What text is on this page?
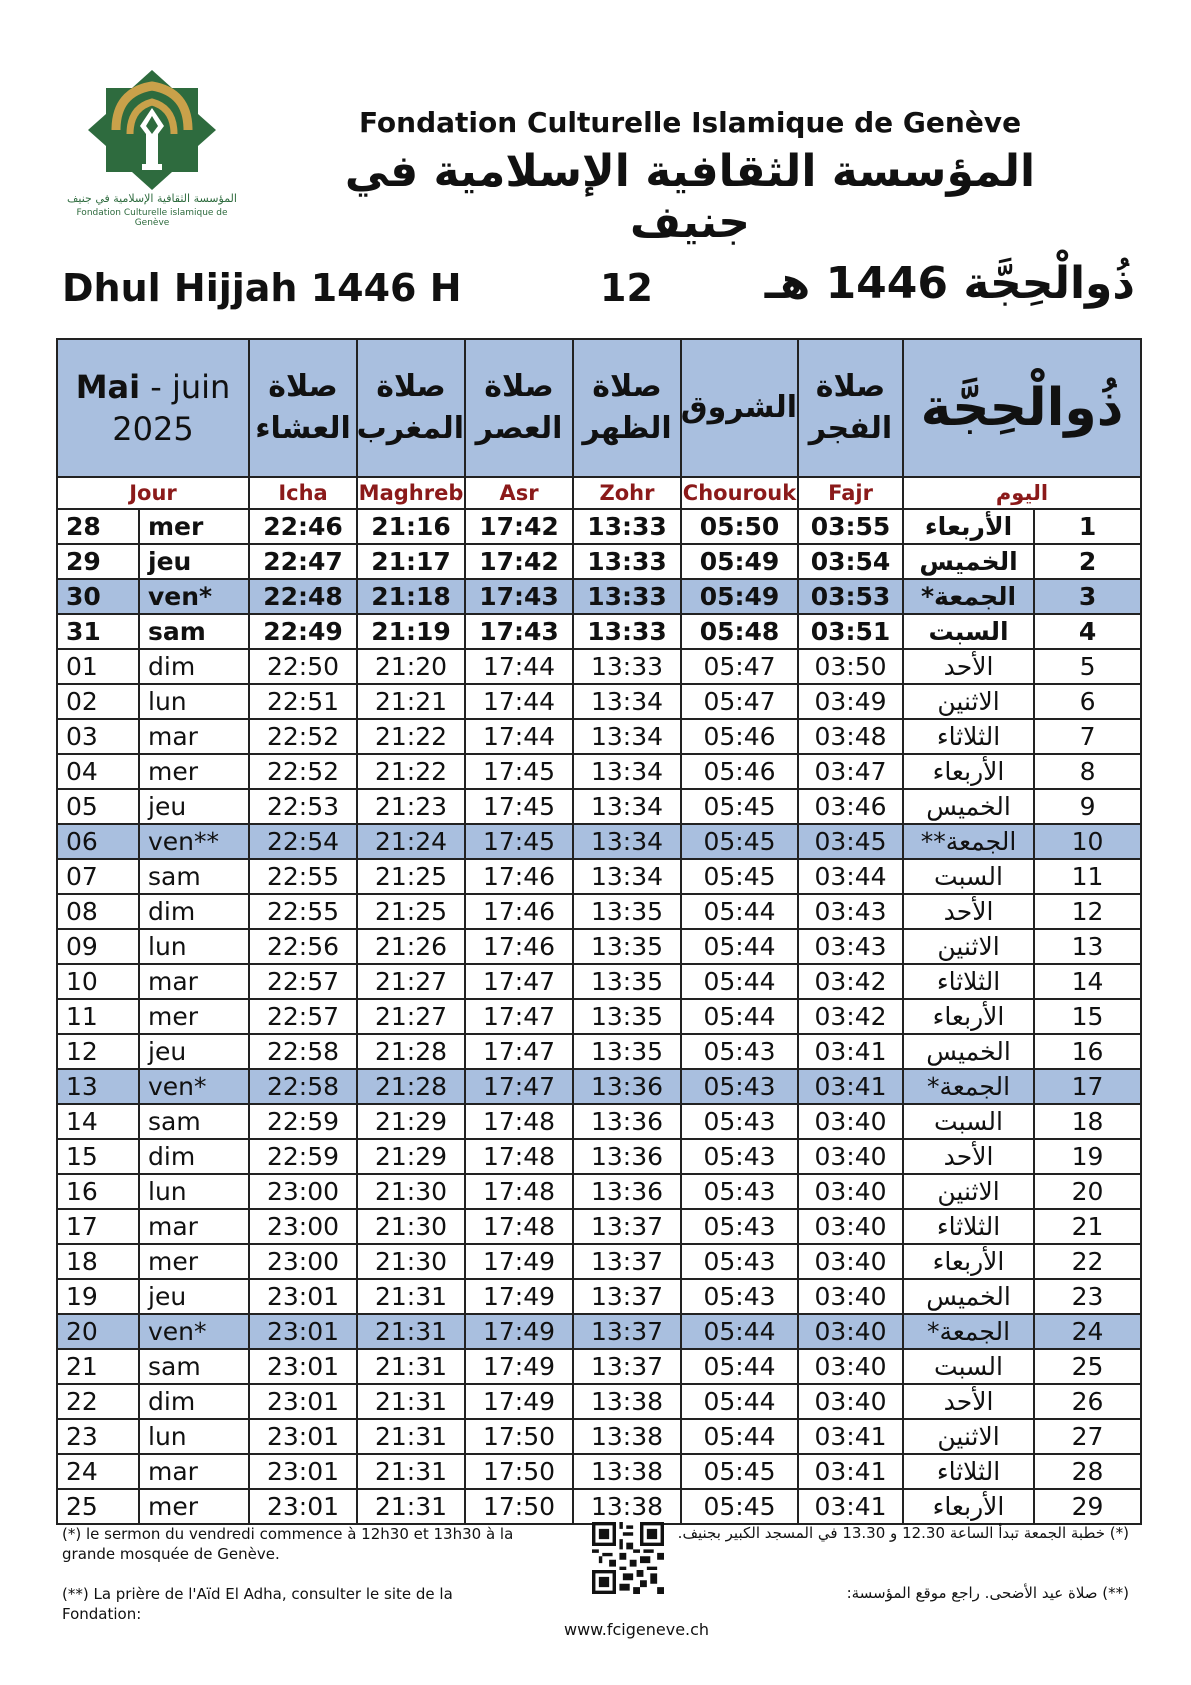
المؤسسة الثقافية الإسلامية في جنيف
Fondation Culturelle islamique de Genève
Fondation Culturelle Islamique de Genève
المؤسسة الثقافية الإسلامية في جنيف
Dhul Hijjah 1446 H	12	ذُوالْحِجَّة 1446 هـ
Mai - juin
2025		صلاة العشاء	صلاة المغرب	صلاة العصر	صلاة الظهر	الشروق	صلاة الفجر	ذُوالْحِجَّة	
Jour		Icha	Maghreb	Asr	Zohr	Chourouk	Fajr	اليوم	
28	mer	22:46	21:16	17:42	13:33	05:50	03:55	الأربعاء	1
29	jeu	22:47	21:17	17:42	13:33	05:49	03:54	الخميس	2
30	ven*	22:48	21:18	17:43	13:33	05:49	03:53	الجمعة*	3
31	sam	22:49	21:19	17:43	13:33	05:48	03:51	السبت	4
01	dim	22:50	21:20	17:44	13:33	05:47	03:50	الأحد	5
02	lun	22:51	21:21	17:44	13:34	05:47	03:49	الاثنين	6
03	mar	22:52	21:22	17:44	13:34	05:46	03:48	الثلاثاء	7
04	mer	22:52	21:22	17:45	13:34	05:46	03:47	الأربعاء	8
05	jeu	22:53	21:23	17:45	13:34	05:45	03:46	الخميس	9
06	ven**	22:54	21:24	17:45	13:34	05:45	03:45	الجمعة**	10
07	sam	22:55	21:25	17:46	13:34	05:45	03:44	السبت	11
08	dim	22:55	21:25	17:46	13:35	05:44	03:43	الأحد	12
09	lun	22:56	21:26	17:46	13:35	05:44	03:43	الاثنين	13
10	mar	22:57	21:27	17:47	13:35	05:44	03:42	الثلاثاء	14
11	mer	22:57	21:27	17:47	13:35	05:44	03:42	الأربعاء	15
12	jeu	22:58	21:28	17:47	13:35	05:43	03:41	الخميس	16
13	ven*	22:58	21:28	17:47	13:36	05:43	03:41	الجمعة*	17
14	sam	22:59	21:29	17:48	13:36	05:43	03:40	السبت	18
15	dim	22:59	21:29	17:48	13:36	05:43	03:40	الأحد	19
16	lun	23:00	21:30	17:48	13:36	05:43	03:40	الاثنين	20
17	mar	23:00	21:30	17:48	13:37	05:43	03:40	الثلاثاء	21
18	mer	23:00	21:30	17:49	13:37	05:43	03:40	الأربعاء	22
19	jeu	23:01	21:31	17:49	13:37	05:43	03:40	الخميس	23
20	ven*	23:01	21:31	17:49	13:37	05:44	03:40	الجمعة*	24
21	sam	23:01	21:31	17:49	13:37	05:44	03:40	السبت	25
22	dim	23:01	21:31	17:49	13:38	05:44	03:40	الأحد	26
23	lun	23:01	21:31	17:50	13:38	05:44	03:41	الاثنين	27
24	mar	23:01	21:31	17:50	13:38	05:45	03:41	الثلاثاء	28
25	mer	23:01	21:31	17:50	13:38	05:45	03:41	الأربعاء	29
(*) le sermon du vendredi commence à 12h30 et 13h30 à la grande mosquée de Genève.
(**) La prière de l'Aïd El Adha, consulter le site de la Fondation:
www.fcigeneve.ch
(*) خطبة الجمعة تبدأ الساعة 12.30 و 13.30 في المسجد الكبير بجنيف.
(**) صلاة عيد الأضحى. راجع موقع المؤسسة:
